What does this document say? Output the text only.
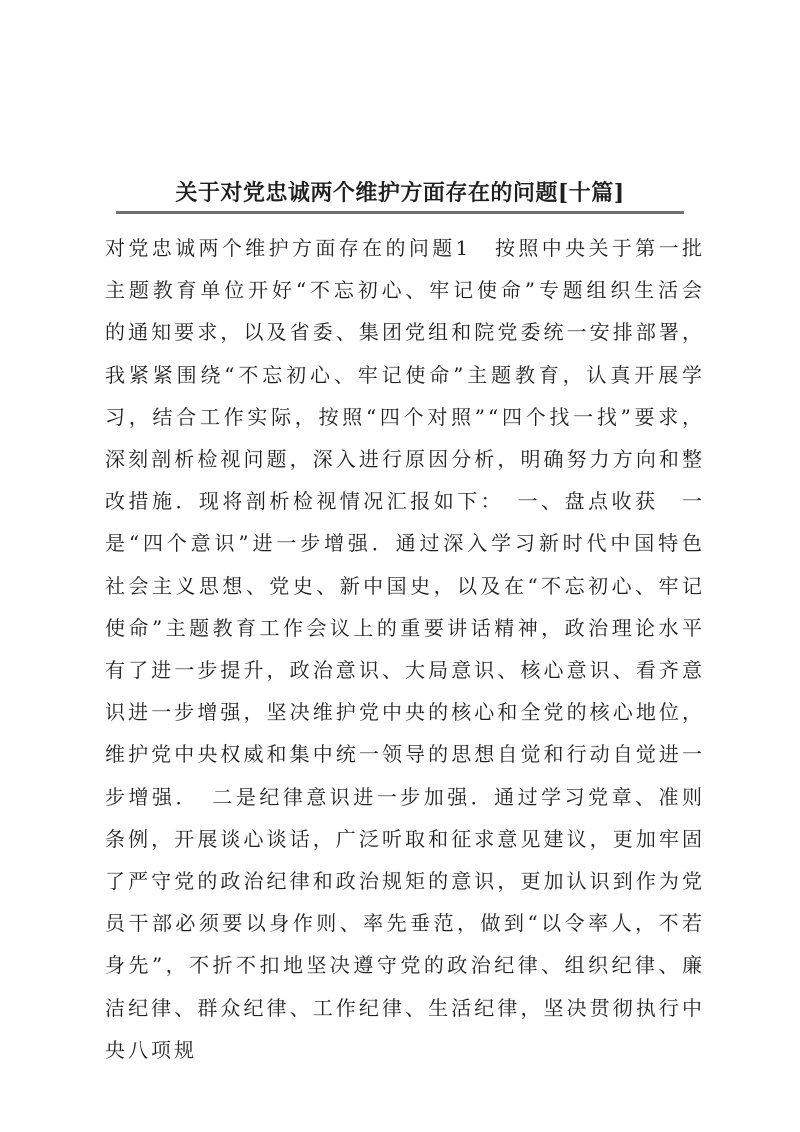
关于对党忠诚两个维护方面存在的问题[十篇]

对党忠诚两个维护方面存在的问题1　按照中央关于第一批主题教育单位开好“不忘初心、牢记使命”专题组织生活会的通知要求，以及省委、集团党组和院党委统一安排部署，我紧紧围绕“不忘初心、牢记使命”主题教育，认真开展学习，结合工作实际，按照“四个对照”“四个找一找”要求，深刻剖析检视问题，深入进行原因分析，明确努力方向和整改措施．现将剖析检视情况汇报如下：　一、盘点收获　一是“四个意识”进一步增强．通过深入学习新时代中国特色社会主义思想、党史、新中国史，以及在“不忘初心、牢记使命”主题教育工作会议上的重要讲话精神，政治理论水平有了进一步提升，政治意识、大局意识、核心意识、看齐意识进一步增强，坚决维护党中央的核心和全党的核心地位，维护党中央权威和集中统一领导的思想自觉和行动自觉进一步增强．　二是纪律意识进一步加强．通过学习党章、准则条例，开展谈心谈话，广泛听取和征求意见建议，更加牢固了严守党的政治纪律和政治规矩的意识，更加认识到作为党员干部必须要以身作则、率先垂范，做到“以令率人，不若身先”，不折不扣地坚决遵守党的政治纪律、组织纪律、廉洁纪律、群众纪律、工作纪律、生活纪律，坚决贯彻执行中央八项规
